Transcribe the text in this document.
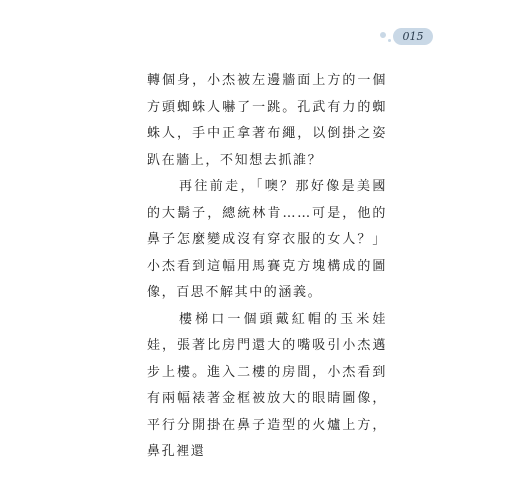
015

轉個身，小杰被左邊牆面上方的一個方頭蜘蛛人嚇了一跳。孔武有力的蜘蛛人，手中正拿著布繩，以倒掛之姿趴在牆上，不知想去抓誰？

再往前走，「噢？那好像是美國的大鬍子，總統林肯……可是，他的鼻子怎麼變成沒有穿衣服的女人？」小杰看到這幅用馬賽克方塊構成的圖像，百思不解其中的涵義。

樓梯口一個頭戴紅帽的玉米娃娃，張著比房門還大的嘴吸引小杰邁步上樓。進入二樓的房間，小杰看到有兩幅裱著金框被放大的眼睛圖像，平行分開掛在鼻子造型的火爐上方，鼻孔裡還
